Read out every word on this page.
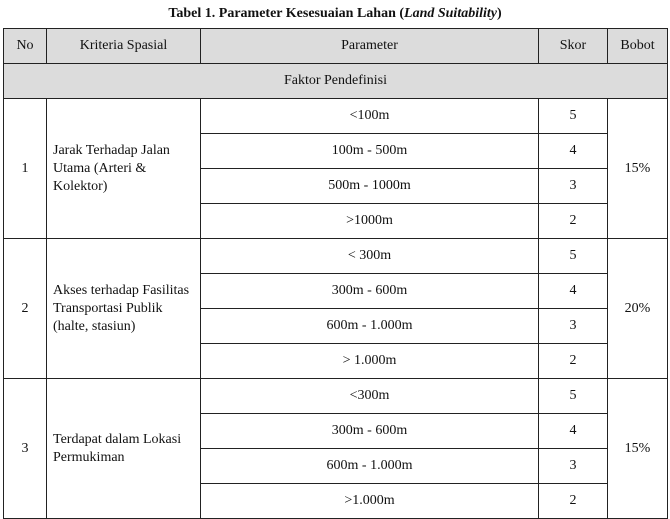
Tabel 1. Parameter Kesesuaian Lahan (Land Suitability)
No	Kriteria Spasial	Parameter	Skor	Bobot
Faktor Pendefinisi				
1	Jarak Terhadap Jalan Utama (Arteri & Kolektor)	<100m	5	15%
		100m - 500m	4	
		500m - 1000m	3	
		>1000m	2	
2	Akses terhadap Fasilitas Transportasi Publik (halte, stasiun)	< 300m	5	20%
		300m - 600m	4	
		600m - 1.000m	3	
		> 1.000m	2	
3	Terdapat dalam Lokasi Permukiman	<300m	5	15%
		300m - 600m	4	
		600m - 1.000m	3	
		>1.000m	2	
